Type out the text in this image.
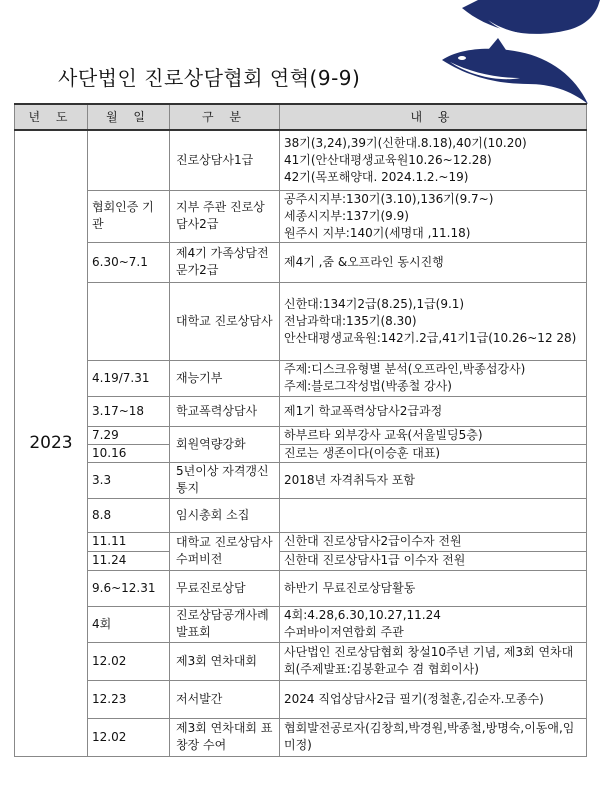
사단법인 진로상담협회 연혁(9-9)
년 도	월 일	구 분	내 용
2023		진로상담사1급	38기(3,24),39기(신한대.8.18),40기(10.20)
41기(안산대평생교육원10.26~12.28)
42기(목포해양대. 2024.1.2.~19)

	협회인증 기관	지부 주관 진로상담사2급	공주시지부:130기(3.10),136기(9.7~)
세종시지부:137기(9.9)
원주시 지부:140기(세명대 ,11.18)

	6.30~7.1	제4기 가족상담전문가2급	제4기 ,줌 &오프라인 동시진행

		대학교 진로상담사	신한대:134기2급(8.25),1급(9.1)
전남과학대:135기(8.30)
안산대평생교육원:142기.2급,41기1급(10.26~12 28)

	4.19/7.31	재능기부	주제:디스크유형별 분석(오프라인,박종섭강사)
주제:블로그작성법(박종철 강사)

	3.17~18	학교폭력상담사	제1기 학교폭력상담사2급과정

	7.29	회원역량강화	하부르타 외부강사 교육(서울빌딩5층)

	10.16		진로는 생존이다(이승훈 대표)

	3.3	5년이상 자격갱신통지	2018년 자격취득자 포함

	8.8	임시총회 소집	

	11.11	대학교 진로상담사 수퍼비전	신한대 진로상담사2급이수자 전원

	11.24		신한대 진로상담사1급 이수자 전원

	9.6~12.31	무료진로상담	하반기 무료진로상담활동

	4회	진로상담공개사례발표회	4회:4.28,6.30,10.27,11.24
수퍼바이저연합회 주관

	12.02	제3회 연차대회	사단법인 진로상담협회 창설10주년 기념, 제3회 연차대회(주제발표:김봉환교수 겸 협회이사)

	12.23	저서발간	2024 직업상담사2급 필기(정철훈,김순자.모종수)

	12.02	제3회 연차대회 표창장 수여	협회발전공로자(김창희,박경원,박종철,방명숙,이동애,임미정)
